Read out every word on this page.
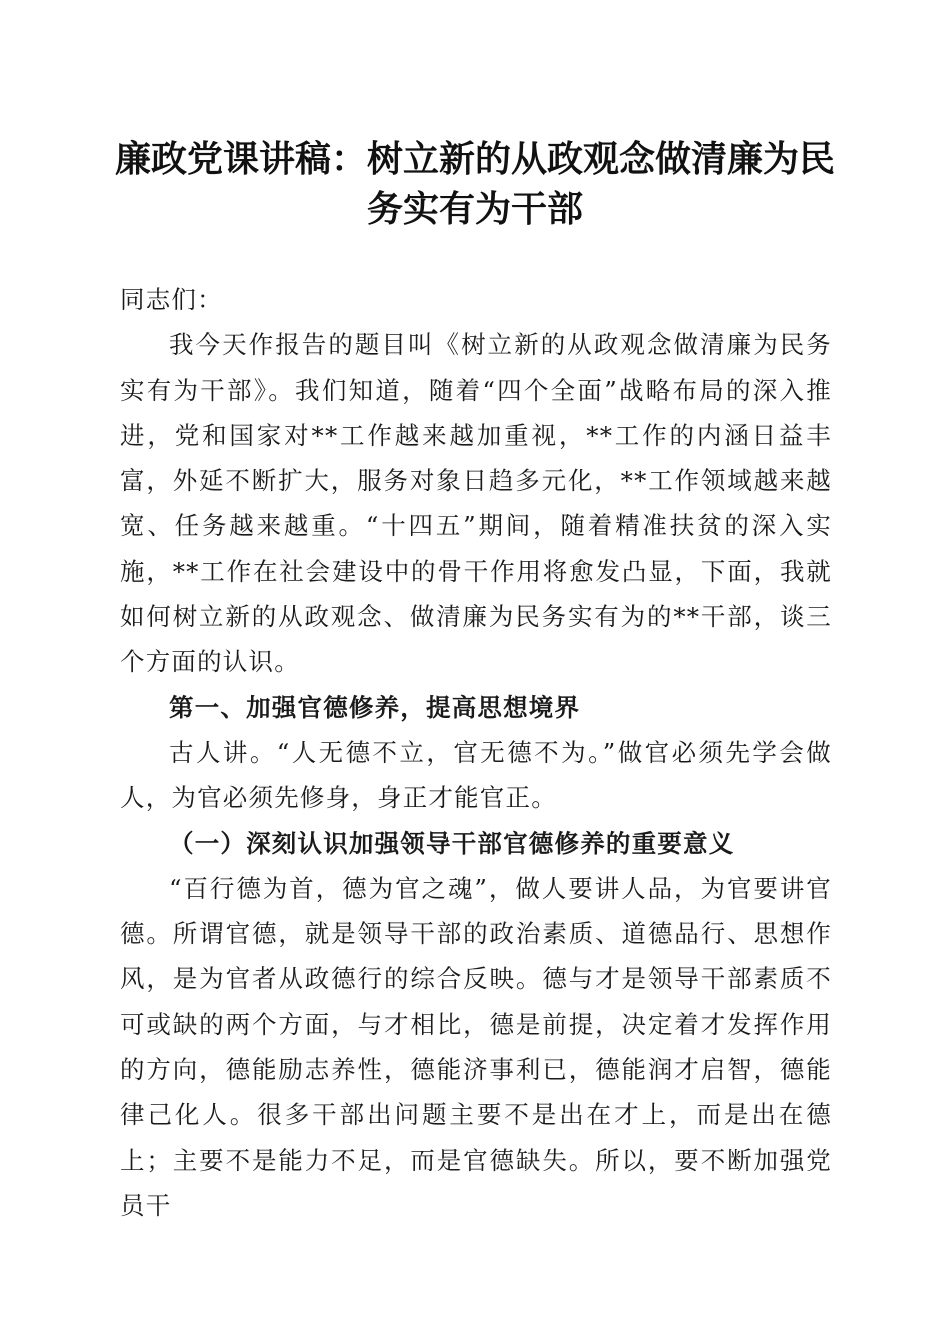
廉政党课讲稿：树立新的从政观念做清廉为民务实有为干部

同志们：

我今天作报告的题目叫《树立新的从政观念做清廉为民务实有为干部》。我们知道，随着“四个全面”战略布局的深入推进，党和国家对**工作越来越加重视，**工作的内涵日益丰富，外延不断扩大，服务对象日趋多元化，**工作领域越来越宽、任务越来越重。“十四五”期间，随着精准扶贫的深入实施，**工作在社会建设中的骨干作用将愈发凸显，下面，我就如何树立新的从政观念、做清廉为民务实有为的**干部，谈三个方面的认识。

第一、加强官德修养，提高思想境界

古人讲。“人无德不立，官无德不为。”做官必须先学会做人，为官必须先修身，身正才能官正。

（一）深刻认识加强领导干部官德修养的重要意义

“百行德为首，德为官之魂”，做人要讲人品，为官要讲官德。所谓官德，就是领导干部的政治素质、道德品行、思想作风，是为官者从政德行的综合反映。德与才是领导干部素质不可或缺的两个方面，与才相比，德是前提，决定着才发挥作用的方向，德能励志养性，德能济事利已，德能润才启智，德能律己化人。很多干部出问题主要不是出在才上，而是出在德上；主要不是能力不足，而是官德缺失。所以，要不断加强党员干
